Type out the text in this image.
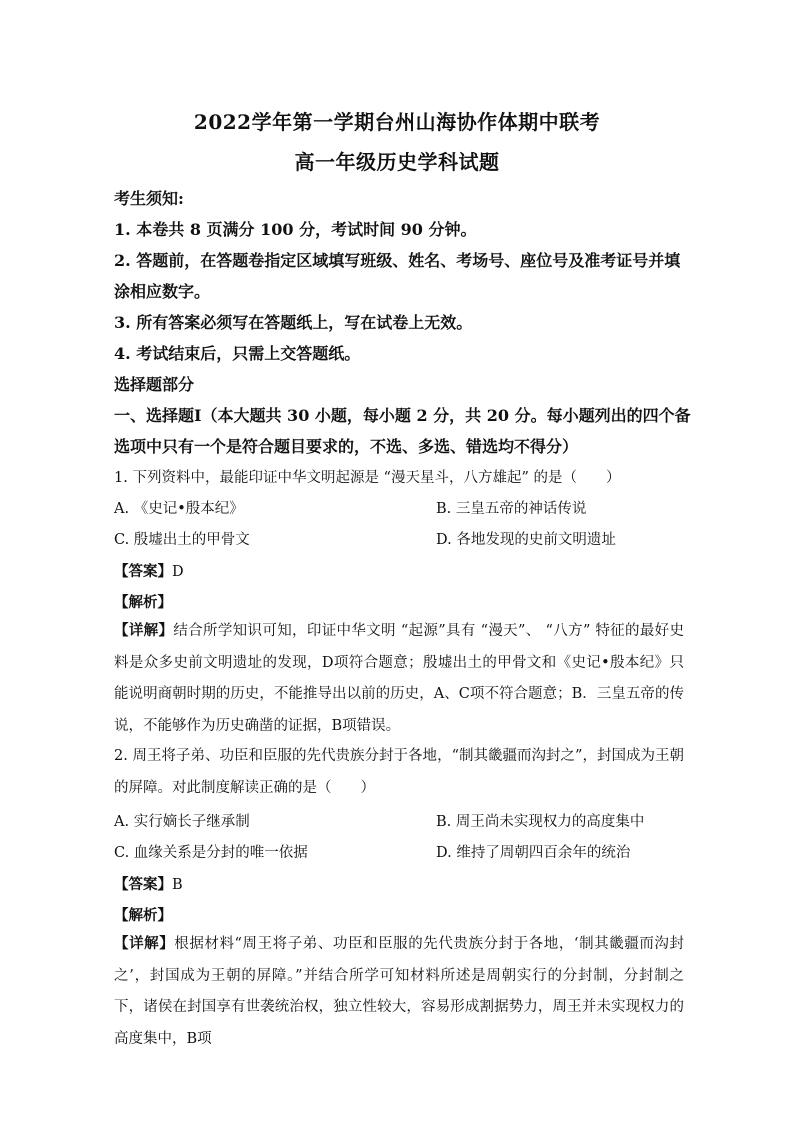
2022学年第一学期台州山海协作体期中联考
高一年级历史学科试题
考生须知:
1. 本卷共 8 页满分 100 分，考试时间 90 分钟。
2. 答题前，在答题卷指定区域填写班级、姓名、考场号、座位号及准考证号并填
涂相应数字。
3. 所有答案必须写在答题纸上，写在试卷上无效。
4. 考试结束后，只需上交答题纸。
选择题部分
一、选择题Ⅰ（本大题共 30 小题，每小题 2 分，共 20 分。每小题列出的四个备
选项中只有一个是符合题目要求的，不选、多选、错选均不得分）
1. 下列资料中，最能印证中华文明起源是 “漫天星斗，八方雄起” 的是（　　）
A. 《史记•殷本纪》	B. 三皇五帝的神话传说
C. 殷墟出土的甲骨文	D. 各地发现的史前文明遗址
【答案】D
【解析】
【详解】结合所学知识可知，印证中华文明 “起源”具有 “漫天”、 “八方” 特征的最好史料是众多史前文明遗址的发现，D项符合题意；殷墟出土的甲骨文和《史记•殷本纪》只能说明商朝时期的历史，不能推导出以前的历史，A、C项不符合题意；B．三皇五帝的传说，不能够作为历史确凿的证据，B项错误。
2. 周王将子弟、功臣和臣服的先代贵族分封于各地，“制其畿疆而沟封之”，封国成为王朝的屏障。对此制度解读正确的是（　　）
A. 实行嫡长子继承制	B. 周王尚未实现权力的高度集中
C. 血缘关系是分封的唯一依据	D. 维持了周朝四百余年的统治
【答案】B
【解析】
【详解】根据材料“周王将子弟、功臣和臣服的先代贵族分封于各地，‘制其畿疆而沟封之’，封国成为王朝的屏障。”并结合所学可知材料所述是周朝实行的分封制，分封制之下，诸侯在封国享有世袭统治权，独立性较大，容易形成割据势力，周王并未实现权力的高度集中，B项
